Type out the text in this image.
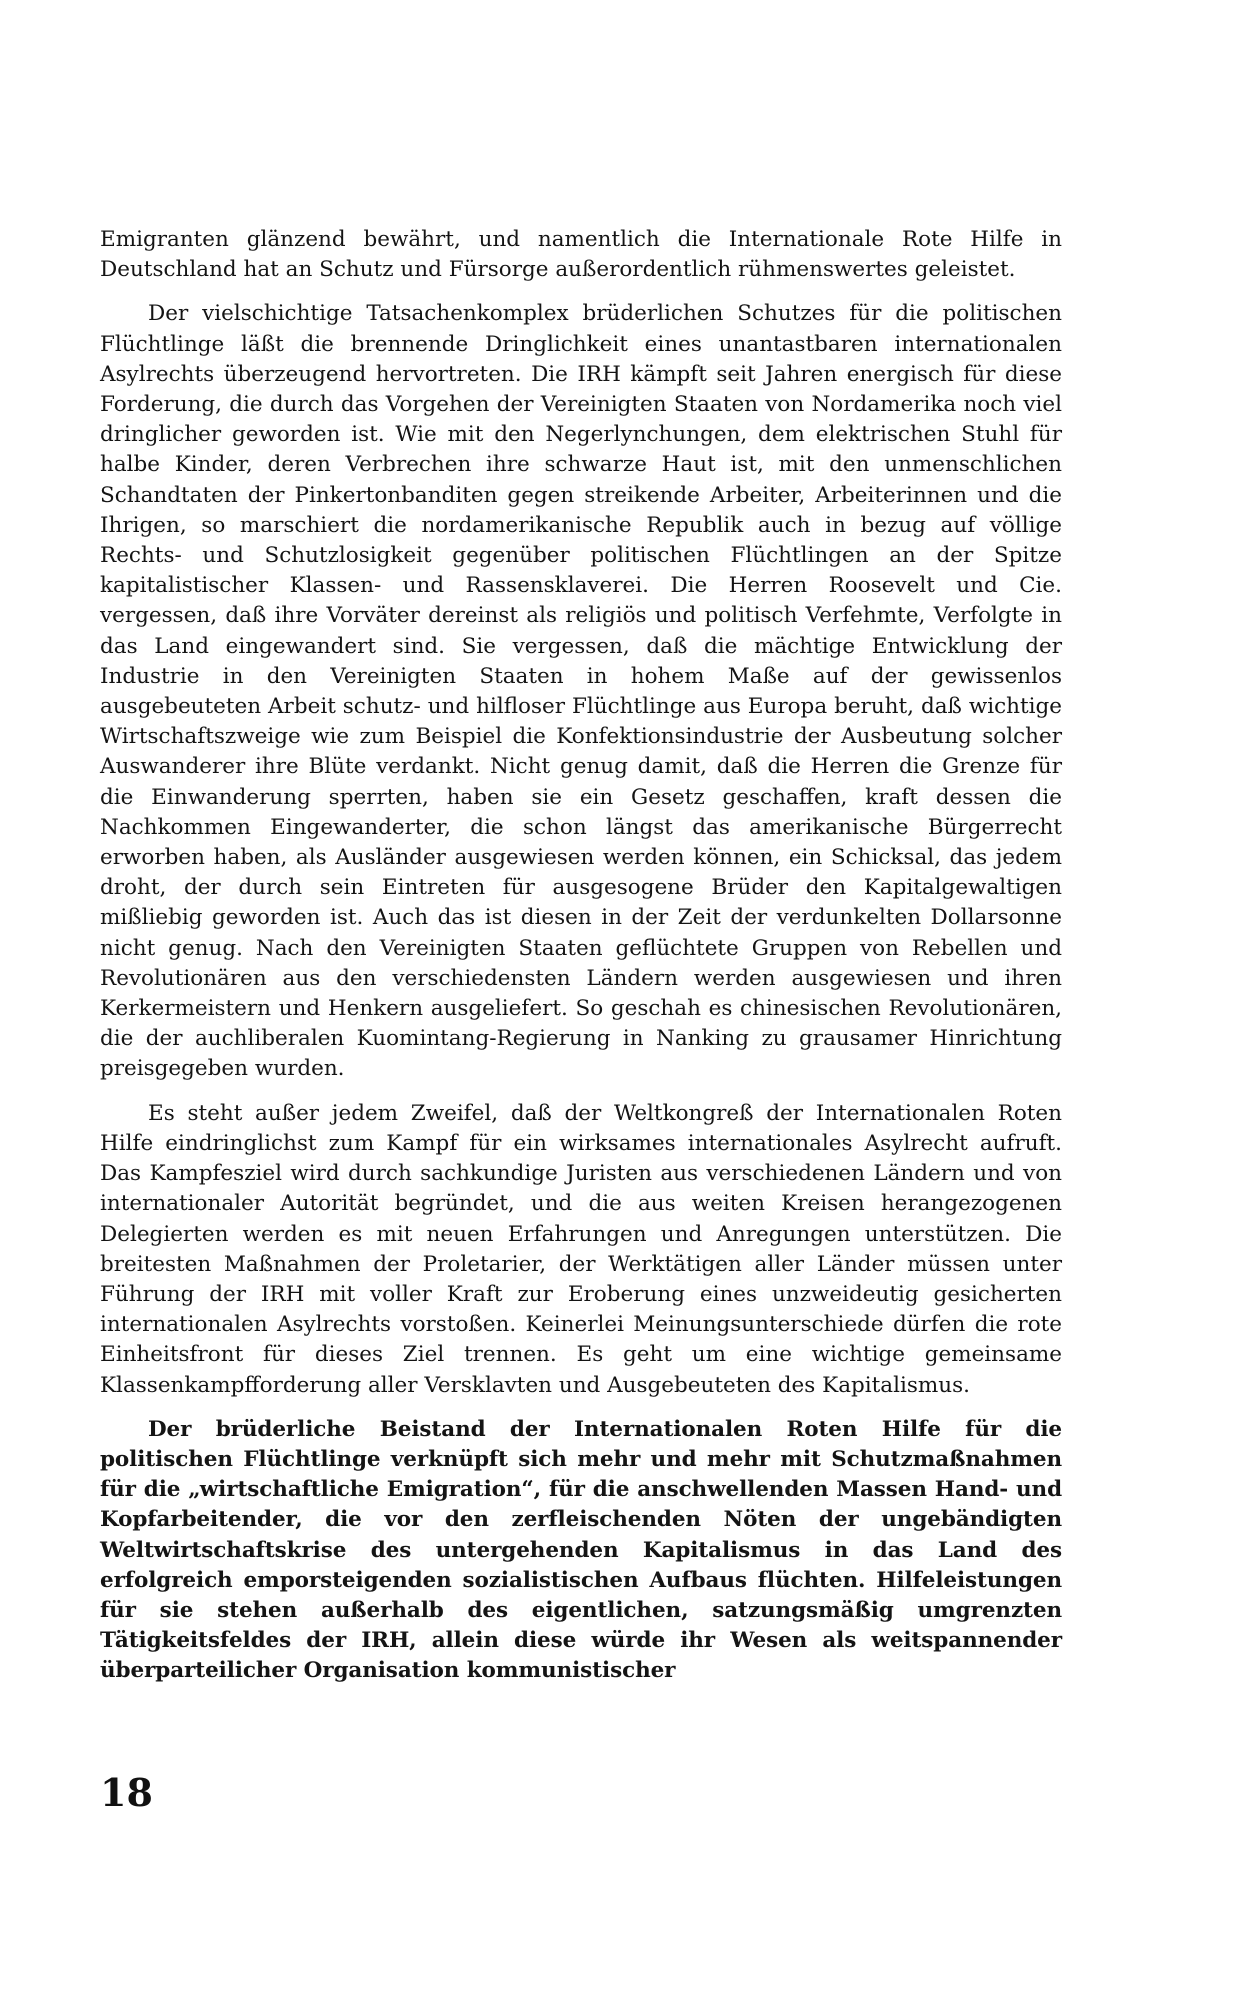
Emigranten glänzend bewährt, und namentlich die Internationale Rote Hilfe in Deutschland hat an Schutz und Fürsorge außerordentlich rühmenswertes geleistet.

Der vielschichtige Tatsachenkomplex brüderlichen Schutzes für die politischen Flüchtlinge läßt die brennende Dringlichkeit eines unantastbaren internationalen Asylrechts überzeugend hervortreten. Die IRH kämpft seit Jahren energisch für diese Forderung, die durch das Vorgehen der Vereinigten Staaten von Nordamerika noch viel dringlicher geworden ist. Wie mit den Negerlynchungen, dem elektrischen Stuhl für halbe Kinder, deren Verbrechen ihre schwarze Haut ist, mit den unmenschlichen Schandtaten der Pinkertonbanditen gegen streikende Arbeiter, Arbeiterinnen und die Ihrigen, so marschiert die nordamerikanische Republik auch in bezug auf völlige Rechts- und Schutzlosigkeit gegenüber politischen Flüchtlingen an der Spitze kapitalistischer Klassen- und Rassensklaverei. Die Herren Roosevelt und Cie. vergessen, daß ihre Vorväter dereinst als religiös und politisch Verfehmte, Verfolgte in das Land eingewandert sind. Sie vergessen, daß die mächtige Entwicklung der Industrie in den Vereinigten Staaten in hohem Maße auf der gewissenlos ausgebeuteten Arbeit schutz- und hilfloser Flüchtlinge aus Europa beruht, daß wichtige Wirtschaftszweige wie zum Beispiel die Konfektionsindustrie der Ausbeutung solcher Auswanderer ihre Blüte verdankt. Nicht genug damit, daß die Herren die Grenze für die Einwanderung sperrten, haben sie ein Gesetz geschaffen, kraft dessen die Nachkommen Eingewanderter, die schon längst das amerikanische Bürgerrecht erworben haben, als Ausländer ausgewiesen werden können, ein Schicksal, das jedem droht, der durch sein Eintreten für ausgesogene Brüder den Kapitalgewaltigen mißliebig geworden ist. Auch das ist diesen in der Zeit der verdunkelten Dollarsonne nicht genug. Nach den Vereinigten Staaten geflüchtete Gruppen von Rebellen und Revolutionären aus den verschiedensten Ländern werden ausgewiesen und ihren Kerkermeistern und Henkern ausgeliefert. So geschah es chinesischen Revolutionären, die der auchliberalen Kuomintang-Regierung in Nanking zu grausamer Hinrichtung preisgegeben wurden.

Es steht außer jedem Zweifel, daß der Weltkongreß der Internationalen Roten Hilfe eindringlichst zum Kampf für ein wirksames internationales Asylrecht aufruft. Das Kampfesziel wird durch sachkundige Juristen aus verschiedenen Ländern und von internationaler Autorität begründet, und die aus weiten Kreisen herangezogenen Delegierten werden es mit neuen Erfahrungen und Anregungen unterstützen. Die breitesten Maßnahmen der Proletarier, der Werktätigen aller Länder müssen unter Führung der IRH mit voller Kraft zur Eroberung eines unzweideutig gesicherten internationalen Asylrechts vorstoßen. Keinerlei Meinungsunterschiede dürfen die rote Einheitsfront für dieses Ziel trennen. Es geht um eine wichtige gemeinsame Klassenkampfforderung aller Versklavten und Ausgebeuteten des Kapitalismus.

Der brüderliche Beistand der Internationalen Roten Hilfe für die politischen Flüchtlinge verknüpft sich mehr und mehr mit Schutzmaßnahmen für die „wirtschaftliche Emigration“, für die anschwellenden Massen Hand- und Kopfarbeitender, die vor den zerfleischenden Nöten der ungebändigten Weltwirtschaftskrise des untergehenden Kapitalismus in das Land des erfolgreich emporsteigenden sozialistischen Aufbaus flüchten. Hilfeleistungen für sie stehen außerhalb des eigentlichen, satzungsmäßig umgrenzten Tätigkeitsfeldes der IRH, allein diese würde ihr Wesen als weitspannender überparteilicher Organisation kommunistischer

18
